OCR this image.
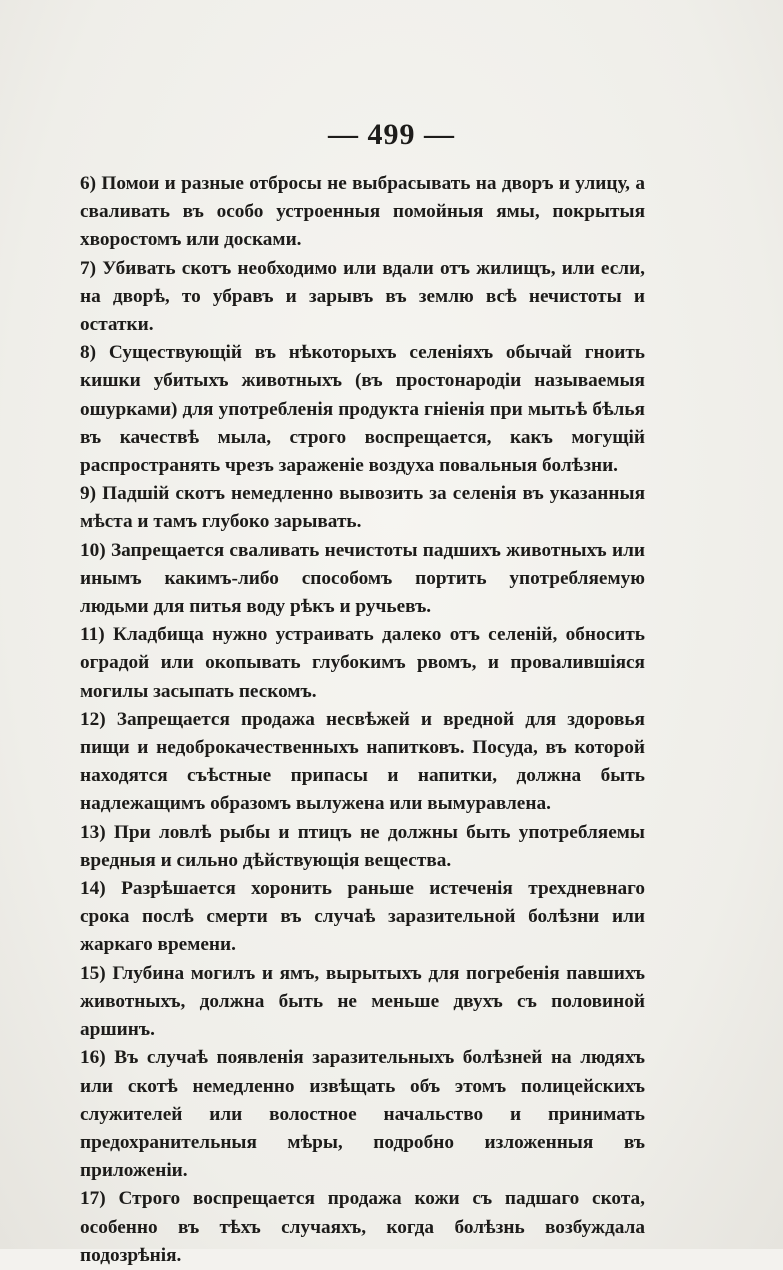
— 499 —

6) Помои и разные отбросы не выбрасывать на дворъ и улицу, а сваливать въ особо устроенныя помойныя ямы, покрытыя хворостомъ или досками.

7) Убивать скотъ необходимо или вдали отъ жилищъ, или если, на дворѣ, то убравъ и зарывъ въ землю всѣ нечистоты и остатки.

8) Существующiй въ нѣкоторыхъ селенiяхъ обычай гноить кишки убитыхъ животныхъ (въ простонародiи называемыя ошурками) для употребленiя продукта гнiенiя при мытьѣ бѣлья въ качествѣ мыла, строго воспрещается, какъ могущiй распространять чрезъ зараженiе воздуха повальныя болѣзни.

9) Падшiй скотъ немедленно вывозить за селенiя въ указанныя мѣста и тамъ глубоко зарывать.

10) Запрещается сваливать нечистоты падшихъ животныхъ или инымъ какимъ-либо способомъ портить употребляемую людьми для питья воду рѣкъ и ручьевъ.

11) Кладбища нужно устраивать далеко отъ селенiй, обносить оградой или окопывать глубокимъ рвомъ, и провалившiяся могилы засыпать пескомъ.

12) Запрещается продажа несвѣжей и вредной для здоровья пищи и недоброкачественныхъ напитковъ. Посуда, въ которой находятся съѣстные припасы и напитки, должна быть надлежащимъ образомъ вылужена или вымуравлена.

13) При ловлѣ рыбы и птицъ не должны быть употребляемы вредныя и сильно дѣйствующiя вещества.

14) Разрѣшается хоронить раньше истеченiя трехдневнаго срока послѣ смерти въ случаѣ заразительной болѣзни или жаркаго времени.

15) Глубина могилъ и ямъ, вырытыхъ для погребенiя павшихъ животныхъ, должна быть не меньше двухъ съ половиной аршинъ.

16) Въ случаѣ появленiя заразительныхъ болѣзней на людяхъ или скотѣ немедленно извѣщать объ этомъ полицейскихъ служителей или волостное начальство и принимать предохранительныя мѣры, подробно изложенныя въ приложенiи.

17) Строго воспрещается продажа кожи съ падшаго скота, особенно въ тѣхъ случаяхъ, когда болѣзнь возбуждала подозрѣнiя.
